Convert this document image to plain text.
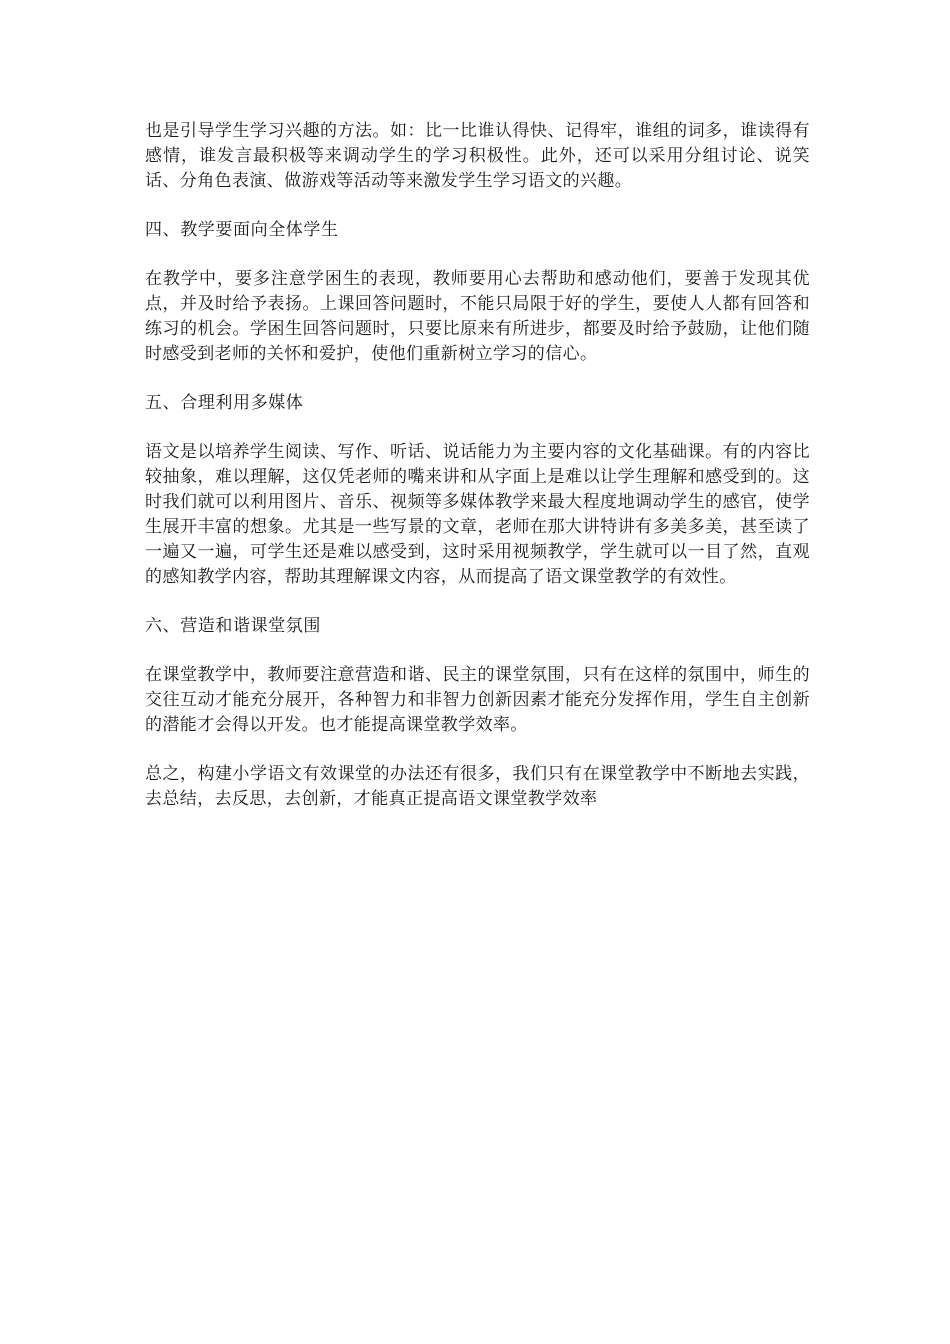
也是引导学生学习兴趣的方法。如：比一比谁认得快、记得牢，谁组的词多，谁读得有感情，谁发言最积极等来调动学生的学习积极性。此外，还可以采用分组讨论、说笑话、分角色表演、做游戏等活动等来激发学生学习语文的兴趣。

四、教学要面向全体学生

在教学中，要多注意学困生的表现，教师要用心去帮助和感动他们，要善于发现其优点，并及时给予表扬。上课回答问题时，不能只局限于好的学生，要使人人都有回答和练习的机会。学困生回答问题时，只要比原来有所进步，都要及时给予鼓励，让他们随时感受到老师的关怀和爱护，使他们重新树立学习的信心。

五、合理利用多媒体

语文是以培养学生阅读、写作、听话、说话能力为主要内容的文化基础课。有的内容比较抽象，难以理解，这仅凭老师的嘴来讲和从字面上是难以让学生理解和感受到的。这时我们就可以利用图片、音乐、视频等多媒体教学来最大程度地调动学生的感官，使学生展开丰富的想象。尤其是一些写景的文章，老师在那大讲特讲有多美多美，甚至读了一遍又一遍，可学生还是难以感受到，这时采用视频教学，学生就可以一目了然，直观的感知教学内容，帮助其理解课文内容，从而提高了语文课堂教学的有效性。

六、营造和谐课堂氛围

在课堂教学中，教师要注意营造和谐、民主的课堂氛围，只有在这样的氛围中，师生的交往互动才能充分展开，各种智力和非智力创新因素才能充分发挥作用，学生自主创新的潜能才会得以开发。也才能提高课堂教学效率。

总之，构建小学语文有效课堂的办法还有很多，我们只有在课堂教学中不断地去实践，去总结，去反思，去创新，才能真正提高语文课堂教学效率
